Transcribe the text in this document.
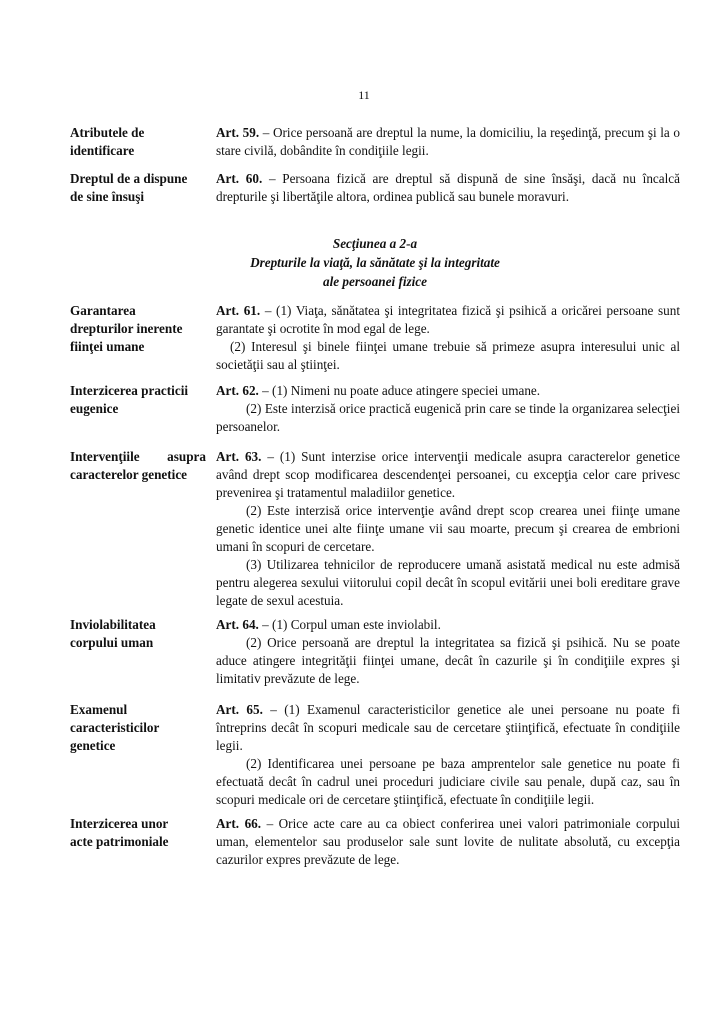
11
Atributele de
identificare
Art. 59. – Orice persoană are dreptul la nume, la domiciliu, la reşedinţă, precum şi la o stare civilă, dobândite în condiţiile legii.
Dreptul de a dispune
de sine însuşi
Art. 60. – Persoana fizică are dreptul să dispună de sine însăşi, dacă nu încalcă drepturile şi libertăţile altora, ordinea publică sau bunele moravuri.
Secţiunea a 2-a
Drepturile la viaţă, la sănătate şi la integritate
ale persoanei fizice
Garantarea
drepturilor inerente
fiinţei umane
Art. 61. – (1) Viaţa, sănătatea şi integritatea fizică şi psihică a oricărei persoane sunt garantate şi ocrotite în mod egal de lege.
(2) Interesul şi binele fiinţei umane trebuie să primeze asupra interesului unic al societăţii sau al ştiinţei.
Interzicerea practicii
eugenice
Art. 62. – (1) Nimeni nu poate aduce atingere speciei umane.
(2) Este interzisă orice practică eugenică prin care se tinde la organizarea selecţiei persoanelor.
Intervenţiile asupra
caracterelor genetice
Art. 63. – (1) Sunt interzise orice intervenţii medicale asupra caracterelor genetice având drept scop modificarea descendenţei persoanei, cu excepţia celor care privesc prevenirea şi tratamentul maladiilor genetice.
(2) Este interzisă orice intervenţie având drept scop crearea unei fiinţe umane genetic identice unei alte fiinţe umane vii sau moarte, precum şi crearea de embrioni umani în scopuri de cercetare.
(3) Utilizarea tehnicilor de reproducere umană asistată medical nu este admisă pentru alegerea sexului viitorului copil decât în scopul evitării unei boli ereditare grave legate de sexul acestuia.
Inviolabilitatea
corpului uman
Art. 64. – (1) Corpul uman este inviolabil.
(2) Orice persoană are dreptul la integritatea sa fizică şi psihică. Nu se poate aduce atingere integrităţii fiinţei umane, decât în cazurile şi în condiţiile expres şi limitativ prevăzute de lege.
Examenul
caracteristicilor
genetice
Art. 65. – (1) Examenul caracteristicilor genetice ale unei persoane nu poate fi întreprins decât în scopuri medicale sau de cercetare ştiinţifică, efectuate în condiţiile legii.
(2) Identificarea unei persoane pe baza amprentelor sale genetice nu poate fi efectuată decât în cadrul unei proceduri judiciare civile sau penale, după caz, sau în scopuri medicale ori de cercetare ştiinţifică, efectuate în condiţiile legii.
Interzicerea unor
acte patrimoniale
Art. 66. – Orice acte care au ca obiect conferirea unei valori patrimoniale corpului uman, elementelor sau produselor sale sunt lovite de nulitate absolută, cu excepţia cazurilor expres prevăzute de lege.
